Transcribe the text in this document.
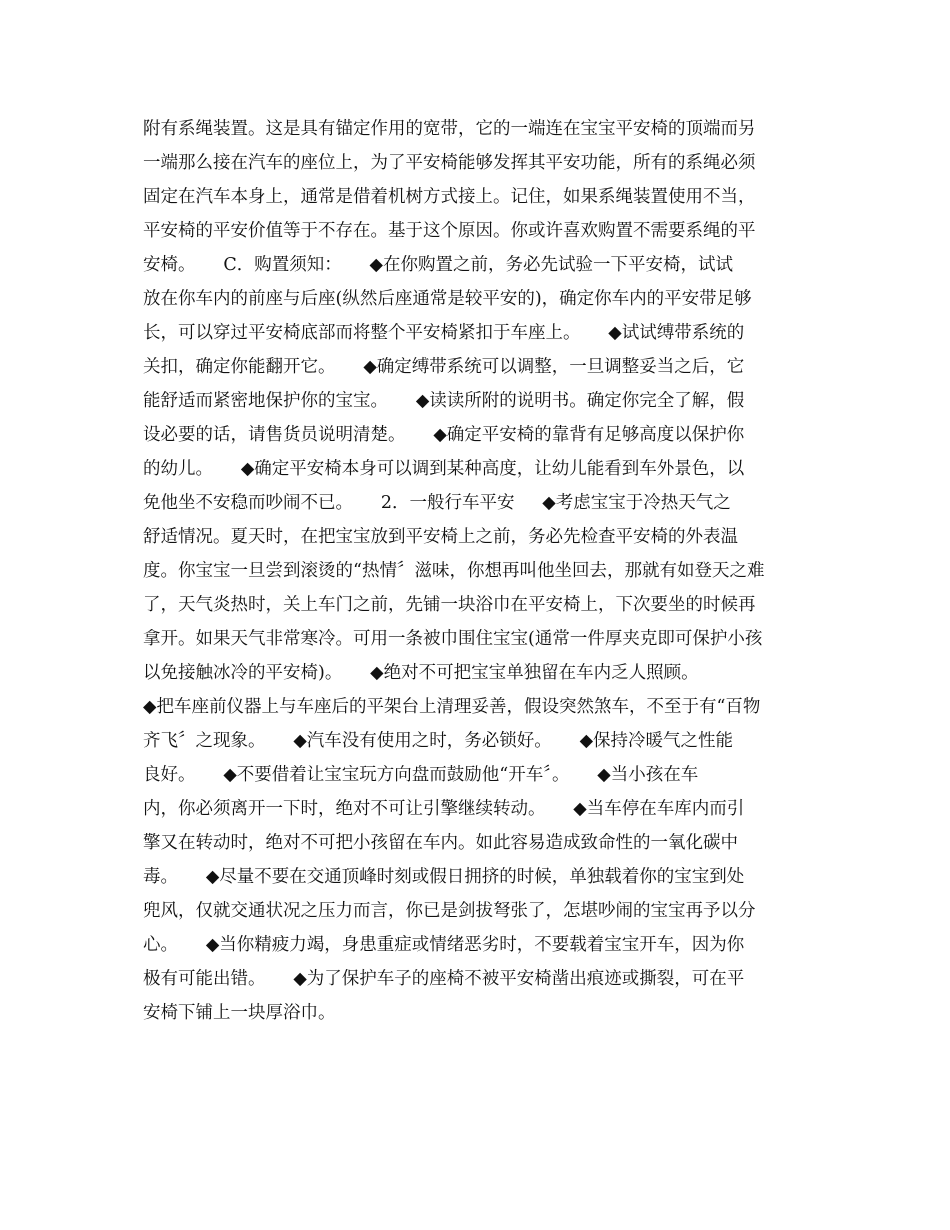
附有系绳装置。这是具有锚定作用的宽带，它的一端连在宝宝平安椅的顶端而另
一端那么接在汽车的座位上，为了平安椅能够发挥其平安功能，所有的系绳必须
固定在汽车本身上，通常是借着机树方式接上。记住，如果系绳装置使用不当，
平安椅的平安价值等于不存在。基于这个原因。你或许喜欢购置不需要系绳的平
安椅。     C．购置须知：     ◆在你购置之前，务必先试验一下平安椅，试试
放在你车内的前座与后座(纵然后座通常是较平安的)，确定你车内的平安带足够
长，可以穿过平安椅底部而将整个平安椅紧扣于车座上。     ◆试试缚带系统的
关扣，确定你能翻开它。     ◆确定缚带系统可以调整，一旦调整妥当之后，它
能舒适而紧密地保护你的宝宝。     ◆读读所附的说明书。确定你完全了解，假
设必要的话，请售货员说明清楚。     ◆确定平安椅的靠背有足够高度以保护你
的幼儿。     ◆确定平安椅本身可以调到某种高度，让幼儿能看到车外景色，以
免他坐不安稳而吵闹不已。     2．一般行车平安     ◆考虑宝宝于冷热天气之
舒适情况。夏天时，在把宝宝放到平安椅上之前，务必先检查平安椅的外表温
度。你宝宝一旦尝到滚烫的“热情〞滋味，你想再叫他坐回去，那就有如登天之难
了，天气炎热时，关上车门之前，先铺一块浴巾在平安椅上，下次要坐的时候再
拿开。如果天气非常寒冷。可用一条被巾围住宝宝(通常一件厚夹克即可保护小孩
以免接触冰冷的平安椅)。     ◆绝对不可把宝宝单独留在车内乏人照顾。
◆把车座前仪器上与车座后的平架台上清理妥善，假设突然煞车，不至于有“百物
齐飞〞之现象。     ◆汽车没有使用之时，务必锁好。     ◆保持冷暖气之性能
良好。     ◆不要借着让宝宝玩方向盘而鼓励他“开车〞。     ◆当小孩在车
内，你必须离开一下时，绝对不可让引擎继续转动。     ◆当车停在车库内而引
擎又在转动时，绝对不可把小孩留在车内。如此容易造成致命性的一氧化碳中
毒。     ◆尽量不要在交通顶峰时刻或假日拥挤的时候，单独载着你的宝宝到处
兜风，仅就交通状况之压力而言，你已是剑拔弩张了，怎堪吵闹的宝宝再予以分
心。     ◆当你精疲力竭，身患重症或情绪恶劣时，不要载着宝宝开车，因为你
极有可能出错。     ◆为了保护车子的座椅不被平安椅凿出痕迹或撕裂，可在平
安椅下铺上一块厚浴巾。
